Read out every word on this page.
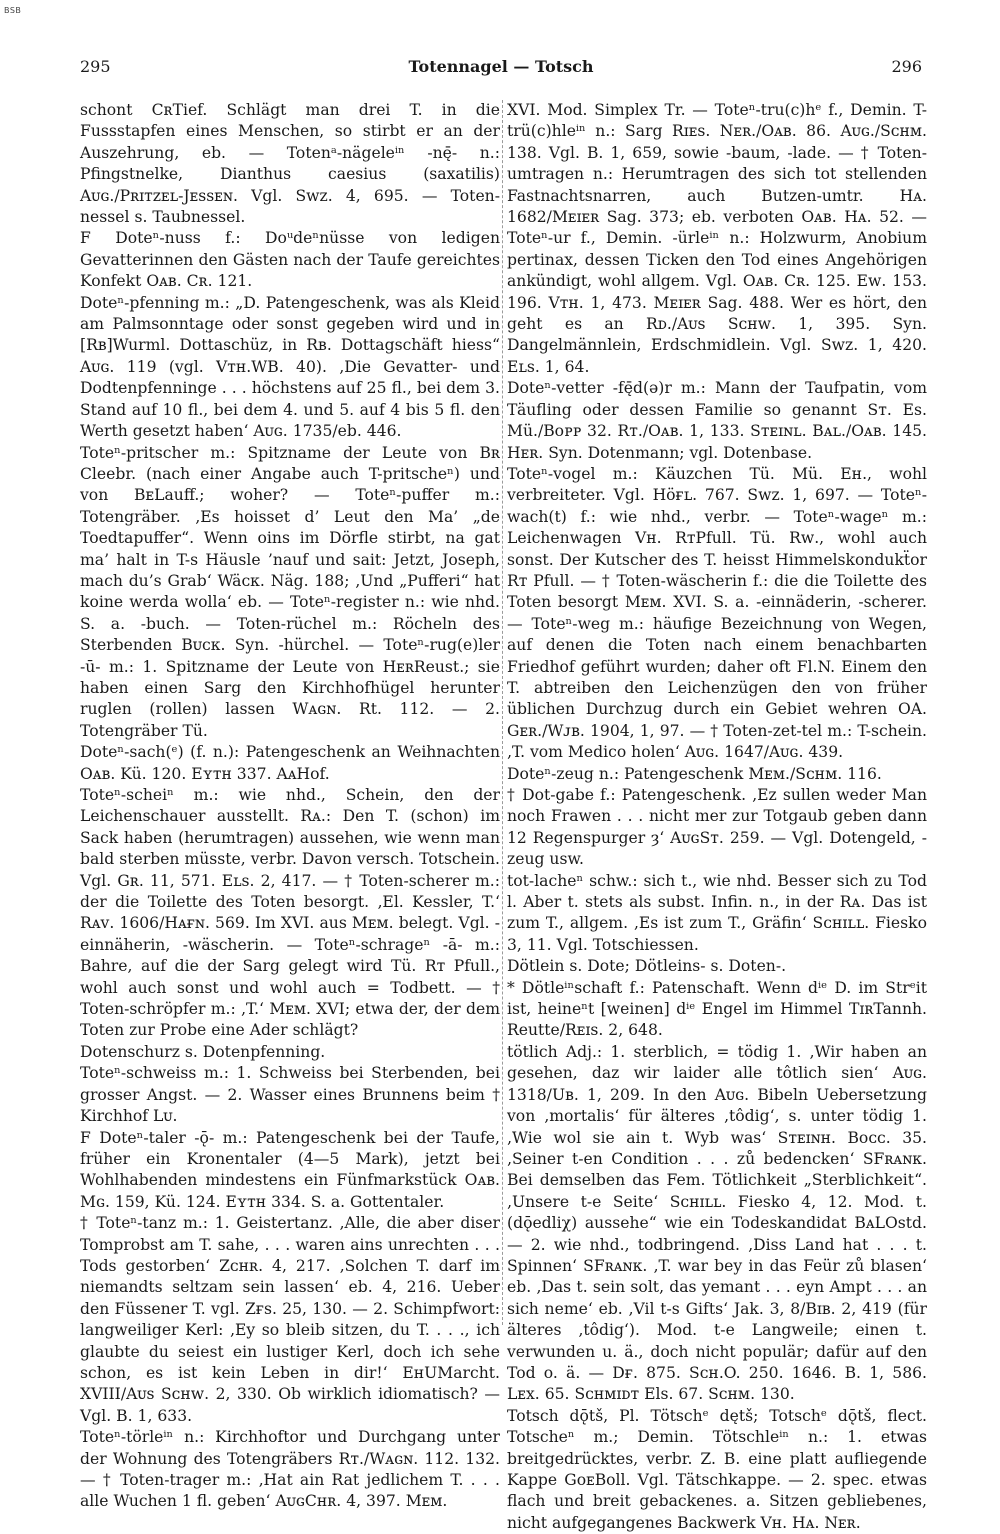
BSB
295	Totennagel — Totsch	296

schont CʀTief. Schlägt man drei T. in die Fussstapfen eines Menschen, so stirbt er an der Auszehrung, eb. — Totenᵃ-nägeleⁱⁿ -nę̄- n.: Pfingstnelke, Dianthus caesius (saxatilis) Aᴜɢ./Pʀɪᴛᴢᴇʟ-Jᴇssᴇɴ. Vgl. Swz. 4, 695. — Toten-nessel s. Taubnessel.

F Doteⁿ-nuss f.: Doᵘdeⁿnüsse von ledigen Gevatterinnen den Gästen nach der Taufe gereichtes Konfekt Oᴀʙ. Cʀ. 121.

Doteⁿ-pfenning m.: „D. Patengeschenk, was als Kleid am Palmsonntage oder sonst gegeben wird und in [Rʙ]Wurml. Dottaschüz, in Rʙ. Dottagschäft hiess“ Aᴜɢ. 119 (vgl. Vᴛʜ.WB. 40). ‚Die Gevatter- und Dodtenpfenninge . . . höchstens auf 25 fl., bei dem 3. Stand auf 10 fl., bei dem 4. und 5. auf 4 bis 5 fl. den Werth gesetzt haben‘ Aᴜɢ. 1735/eb. 446.

Toteⁿ-pritscher m.: Spitzname der Leute von Bʀ Cleebr. (nach einer Angabe auch T-pritscheⁿ) und von BᴇLauff.; woher? — Toteⁿ-puffer m.: Totengräber. ‚Es hoisset d’ Leut den Ma’ „de Toedtapuffer“. Wenn oins im Dörfle stirbt, na gat ma’ halt in T-s Häusle ’nauf und sait: Jetzt, Joseph, mach du’s Grab‘ Wäᴄᴋ. Näg. 188; ‚Und „Pufferi“ hat koine werda wolla‘ eb. — Toteⁿ-register n.: wie nhd. S. a. -buch. — Toten-rüchel m.: Röcheln des Sterbenden Bᴜᴄᴋ. Syn. -hürchel. — Toteⁿ-rug(e)ler -ū- m.: 1. Spitzname der Leute von HᴇʀReust.; sie haben einen Sarg den Kirchhofhügel herunter ruglen (rollen) lassen Wᴀɢɴ. Rt. 112. — 2. Totengräber Tü.

Doteⁿ-sach(ᵉ) (f. n.): Patengeschenk an Weihnachten Oᴀʙ. Kü. 120. Eʏᴛʜ 337. AᴀHof.

Toteⁿ-scheiⁿ m.: wie nhd., Schein, den der Leichenschauer ausstellt. Rᴀ.: Den T. (schon) im Sack haben (herumtragen) aussehen, wie wenn man bald sterben müsste, verbr. Davon versch. Totschein. Vgl. Gʀ. 11, 571. Eʟs. 2, 417. — † Toten-scherer m.: der die Toilette des Toten besorgt. ‚El. Kessler, T.‘ Rᴀᴠ. 1606/Hᴀғɴ. 569. Im XVI. aus Mᴇᴍ. belegt. Vgl. -einnäherin, -wäscherin. — Toteⁿ-schrageⁿ -ā- m.: Bahre, auf die der Sarg gelegt wird Tü. Rᴛ Pfull., wohl auch sonst und wohl auch = Todbett. — † Toten-schröpfer m.: ‚T.‘ Mᴇᴍ. XVI; etwa der, der dem Toten zur Probe eine Ader schlägt?

Dotenschurz s. Dotenpfenning.

Toteⁿ-schweiss m.: 1. Schweiss bei Sterbenden, bei grosser Angst. — 2. Wasser eines Brunnens beim † Kirchhof Lᴜ.

F Doteⁿ-taler -ǭ- m.: Patengeschenk bei der Taufe, früher ein Kronentaler (4—5 Mark), jetzt bei Wohlhabenden mindestens ein Fünfmarkstück Oᴀʙ. Mɢ. 159, Kü. 124. Eʏᴛʜ 334. S. a. Gottentaler.

† Toteⁿ-tanz m.: 1. Geistertanz. ‚Alle, die aber diser Tomprobst am T. sahe, . . . waren ains unrechten . . . Tods gestorben‘ Zᴄʜʀ. 4, 217. ‚Solchen T. darf im niemandts seltzam sein lassen‘ eb. 4, 216. Ueber den Füssener T. vgl. Zғs. 25, 130. — 2. Schimpfwort: langweiliger Kerl: ‚Ey so bleib sitzen, du T. . . ., ich glaubte du seiest ein lustiger Kerl, doch ich sehe schon, es ist kein Leben in dir!‘ EʜUMarcht. XVIII/Aᴜs Sᴄʜᴡ. 2, 330. Ob wirklich idiomatisch? — Vgl. B. 1, 633.

Toteⁿ-törleⁱⁿ n.: Kirchhoftor und Durchgang unter der Wohnung des Totengräbers Rᴛ./Wᴀɢɴ. 112. 132. — † Toten-trager m.: ‚Hat ain Rat jedlichem T. . . . alle Wuchen 1 fl. geben‘ AᴜɢCʜʀ. 4, 397. Mᴇᴍ.

XVI. Mod. Simplex Tr. — Toteⁿ-tru(c)hᵉ f., Demin. T-trü(c)hleⁱⁿ n.: Sarg Rɪᴇs. Nᴇʀ./Oᴀʙ. 86. Aᴜɢ./Sᴄʜᴍ. 138. Vgl. B. 1, 659, sowie -baum, -lade. — † Toten-umtragen n.: Herumtragen des sich tot stellenden Fastnachtsnarren, auch Butzen-umtr. Hᴀ. 1682/Mᴇɪᴇʀ Sag. 373; eb. verboten Oᴀʙ. Hᴀ. 52. — Toteⁿ-ur f., Demin. -ürleⁱⁿ n.: Holzwurm, Anobium pertinax, dessen Ticken den Tod eines Angehörigen ankündigt, wohl allgem. Vgl. Oᴀʙ. Cʀ. 125. Eᴡ. 153. 196. Vᴛʜ. 1, 473. Mᴇɪᴇʀ Sag. 488. Wer es hört, den geht es an Rᴅ./Aᴜs Sᴄʜᴡ. 1, 395. Syn. Dangelmännlein, Erdschmidlein. Vgl. Swz. 1, 420. Eʟs. 1, 64.

Doteⁿ-vetter -fę̄d(ə)r m.: Mann der Taufpatin, vom Täufling oder dessen Familie so genannt Sᴛ. Es. Mü./Bᴏᴘᴘ 32. Rᴛ./Oᴀʙ. 1, 133. Sᴛᴇɪɴʟ. Bᴀʟ./Oᴀʙ. 145. Hᴇʀ. Syn. Dotenmann; vgl. Dotenbase.

Toteⁿ-vogel m.: Käuzchen Tü. Mü. Eʜ., wohl verbreiteter. Vgl. Höғʟ. 767. Swz. 1, 697. — Toteⁿ-wach(t) f.: wie nhd., verbr. — Toteⁿ-wageⁿ m.: Leichenwagen Vʜ. RᴛPfull. Tü. Rᴡ., wohl auch sonst. Der Kutscher des T. heisst Himmelskondukẗor Rᴛ Pfull. — † Toten-wäscherin f.: die die Toilette des Toten besorgt Mᴇᴍ. XVI. S. a. -einnäderin, -scherer. — Toteⁿ-weg m.: häufige Bezeichnung von Wegen, auf denen die Toten nach einem benachbarten Friedhof geführt wurden; daher oft Fl.N. Einem den T. abtreiben den Leichenzügen den von früher üblichen Durchzug durch ein Gebiet wehren OA. Gᴇʀ./Wᴊʙ. 1904, 1, 97. — † Toten-zet-tel m.: T-schein. ‚T. vom Medico holen‘ Aᴜɢ. 1647/Aᴜɢ. 439.

Doteⁿ-zeug n.: Patengeschenk Mᴇᴍ./Sᴄʜᴍ. 116.

† Dot-gabe f.: Patengeschenk. ‚Ez sullen weder Man noch Frawen . . . nicht mer zur Totgaub geben dann 12 Regenspurger ȝ‘ AᴜɢSᴛ. 259. — Vgl. Dotengeld, -zeug usw.

tot-lacheⁿ schw.: sich t., wie nhd. Besser sich zu Tod l. Aber t. stets als subst. Infin. n., in der Rᴀ. Das ist zum T., allgem. ‚Es ist zum T., Gräfin‘ Sᴄʜɪʟʟ. Fiesko 3, 11. Vgl. Totschiessen.

Dötlein s. Dote; Dötleins- s. Doten-.

* Dötleⁱⁿschaft f.: Patenschaft. Wenn dⁱᵉ D. im Strᵉit ist, heineⁿt [weinen] dⁱᵉ Engel im Himmel TɪʀTannh. Reutte/Rᴇɪs. 2, 648.

tötlich Adj.: 1. sterblich, = tödig 1. ‚Wir haben an gesehen, daz wir laider alle tôtlich sien‘ Aᴜɢ. 1318/Uʙ. 1, 209. In den Aᴜɢ. Bibeln Uebersetzung von ‚mortalis‘ für älteres ‚tôdig‘, s. unter tödig 1. ‚Wie wol sie ain t. Wyb was‘ Sᴛᴇɪɴʜ. Boᴄᴄ. 35. ‚Seiner t-en Condition . . . zů bedencken‘ SFʀᴀɴᴋ. Bei demselben das Fem. Tötlichkeit „Sterblichkeit“. ‚Unsere t-e Seite‘ Sᴄʜɪʟʟ. Fiesko 4, 12. Mod. t. (dǭedliχ) aussehe“ wie ein Todeskandidat BᴀLOstd. — 2. wie nhd., todbringend. ‚Diss Land hat . . . t. Spinnen‘ SFʀᴀɴᴋ. ‚T. war bey in das Feür zů blasen‘ eb. ‚Das t. sein solt, das yemant . . . eyn Ampt . . . an sich neme‘ eb. ‚Vil t-s Gifts‘ Jak. 3, 8/Bɪʙ. 2, 419 (für älteres ‚tôdig‘). Mod. t-e Langweile; einen t. verwunden u. ä., doch nicht populär; dafür auf den Tod o. ä. — Dғ. 875. Sᴄʜ.O. 250. 1646. B. 1, 586. Lᴇx. 65. Sᴄʜᴍɪᴅᴛ Els. 67. Sᴄʜᴍ. 130.

Totsch dǭtš, Pl. Tötschᵉ dętš; Totschᵉ dǭtš, flect. Totscheⁿ m.; Demin. Tötschleⁱⁿ n.: 1. etwas breitgedrücktes, verbr. Z. B. eine platt aufliegende Kappe GᴏᴇBoll. Vgl. Tätschkappe. — 2. spec. etwas flach und breit gebackenes. a. Sitzen gebliebenes, nicht aufgegangenes Backwerk Vʜ. Hᴀ. Nᴇʀ.
